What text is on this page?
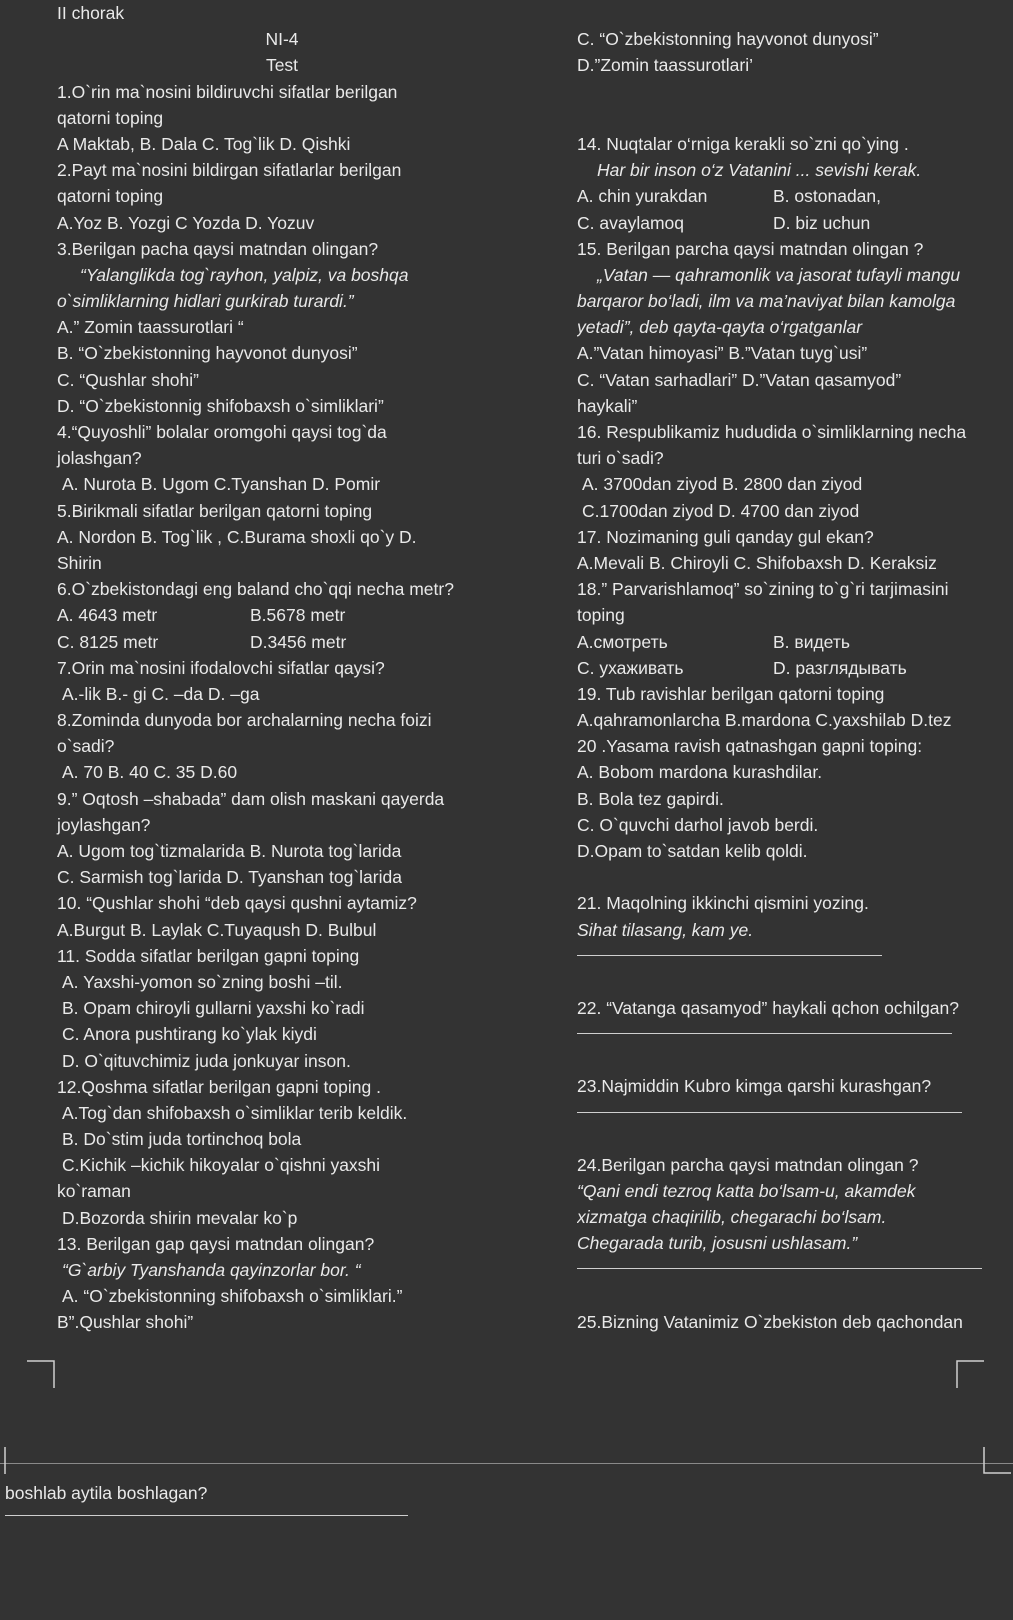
II chorak
NI-4
Test
1.O`rin ma`nosini bildiruvchi sifatlar berilgan
qatorni toping
A Maktab, B. Dala C. Tog`lik D. Qishki
2.Payt ma`nosini bildirgan sifatlarlar berilgan
qatorni toping
A.Yoz B. Yozgi C Yozda D. Yozuv
3.Berilgan pacha qaysi matndan olingan?
“Yalanglikda tog`rayhon, yalpiz, va boshqa
o`simliklarning hidlari gurkirab turardi.”
A.” Zomin taassurotlari “
B. “O`zbekistonning hayvonot dunyosi”
C. “Qushlar shohi”
D. “O`zbekistonnig shifobaxsh o`simliklari”
4.“Quyoshli” bolalar oromgohi qaysi tog`da
jolashgan?
A. Nurota B. Ugom C.Tyanshan D. Pomir
5.Birikmali sifatlar berilgan qatorni toping
A. Nordon B. Tog`lik , C.Burama shoxli qo`y D.
Shirin
6.O`zbekistondagi eng baland cho`qqi necha metr?
A. 4643 metr	B.5678 metr
C. 8125 metr	D.3456 metr
7.Orin ma`nosini ifodalovchi sifatlar qaysi?
A.-lik B.- gi C. –da D. –ga
8.Zominda dunyoda bor archalarning necha foizi
o`sadi?
A. 70 B. 40 C. 35 D.60
9.” Oqtosh –shabada” dam olish maskani qayerda
joylashgan?
A. Ugom tog`tizmalarida B. Nurota tog`larida
C. Sarmish tog`larida D. Tyanshan tog`larida
10. “Qushlar shohi “deb qaysi qushni aytamiz?
A.Burgut B. Laylak C.Tuyaqush D. Bulbul
11. Sodda sifatlar berilgan gapni toping
A. Yaxshi-yomon so`zning boshi –til.
B. Opam chiroyli gullarni yaxshi ko`radi
C. Anora pushtirang ko`ylak kiydi
D. O`qituvchimiz juda jonkuyar inson.
12.Qoshma sifatlar berilgan gapni toping .
A.Tog`dan shifobaxsh o`simliklar terib keldik.
B. Do`stim juda tortinchoq bola
C.Kichik –kichik hikoyalar o`qishni yaxshi
ko`raman
D.Bozorda shirin mevalar ko`p
13. Berilgan gap qaysi matndan olingan?
“G`arbiy Tyanshanda qayinzorlar bor. “
A. “O`zbekistonning shifobaxsh o`simliklari.”
B”.Qushlar shohi”
C. “O`zbekistonning hayvonot dunyosi”
D.”Zomin taassurotlari’
14. Nuqtalar o‘rniga kerakli so`zni qo`ying .
Har bir inson o‘z Vatanini ... sevishi kerak.
A. chin yurakdan	B. ostonadan,
C. avaylamoq	D. biz uchun
15. Berilgan parcha qaysi matndan olingan ?
„Vatan — qahramonlik va jasorat tufayli mangu
barqaror bo‘ladi, ilm va ma’naviyat bilan kamolga
yetadi”, deb qayta-qayta o‘rgatganlar
A.”Vatan himoyasi” B.”Vatan tuyg`usi”
C. “Vatan sarhadlari” D.”Vatan qasamyod”
haykali”
16. Respublikamiz hududida o`simliklarning necha
turi o`sadi?
A. 3700dan ziyod B. 2800 dan ziyod
C.1700dan ziyod D. 4700 dan ziyod
17. Nozimaning guli qanday gul ekan?
A.Mevali B. Chiroyli C. Shifobaxsh D. Keraksiz
18.” Parvarishlamoq” so`zining to`g`ri tarjimasini
toping
A.смотреть	B. видеть
C. ухаживать	D. разглядывать
19. Tub ravishlar berilgan qatorni toping
A.qahramonlarcha B.mardona C.yaxshilab D.tez
20 .Yasama ravish qatnashgan gapni toping:
A. Bobom mardona kurashdilar.
B. Bola tez gapirdi.
C. O`quvchi darhol javob berdi.
D.Opam to`satdan kelib qoldi.
21. Maqolning ikkinchi qismini yozing.
Sihat tilasang, kam ye.
22. “Vatanga qasamyod” haykali qchon ochilgan?
23.Najmiddin Kubro kimga qarshi kurashgan?
24.Berilgan parcha qaysi matndan olingan ?
“Qani endi tezroq katta bo‘lsam-u, akamdek
xizmatga chaqirilib, chegarachi bo‘lsam.
Chegarada turib, josusni ushlasam.”
25.Bizning Vatanimiz O`zbekiston deb qachondan
boshlab aytila boshlagan?
